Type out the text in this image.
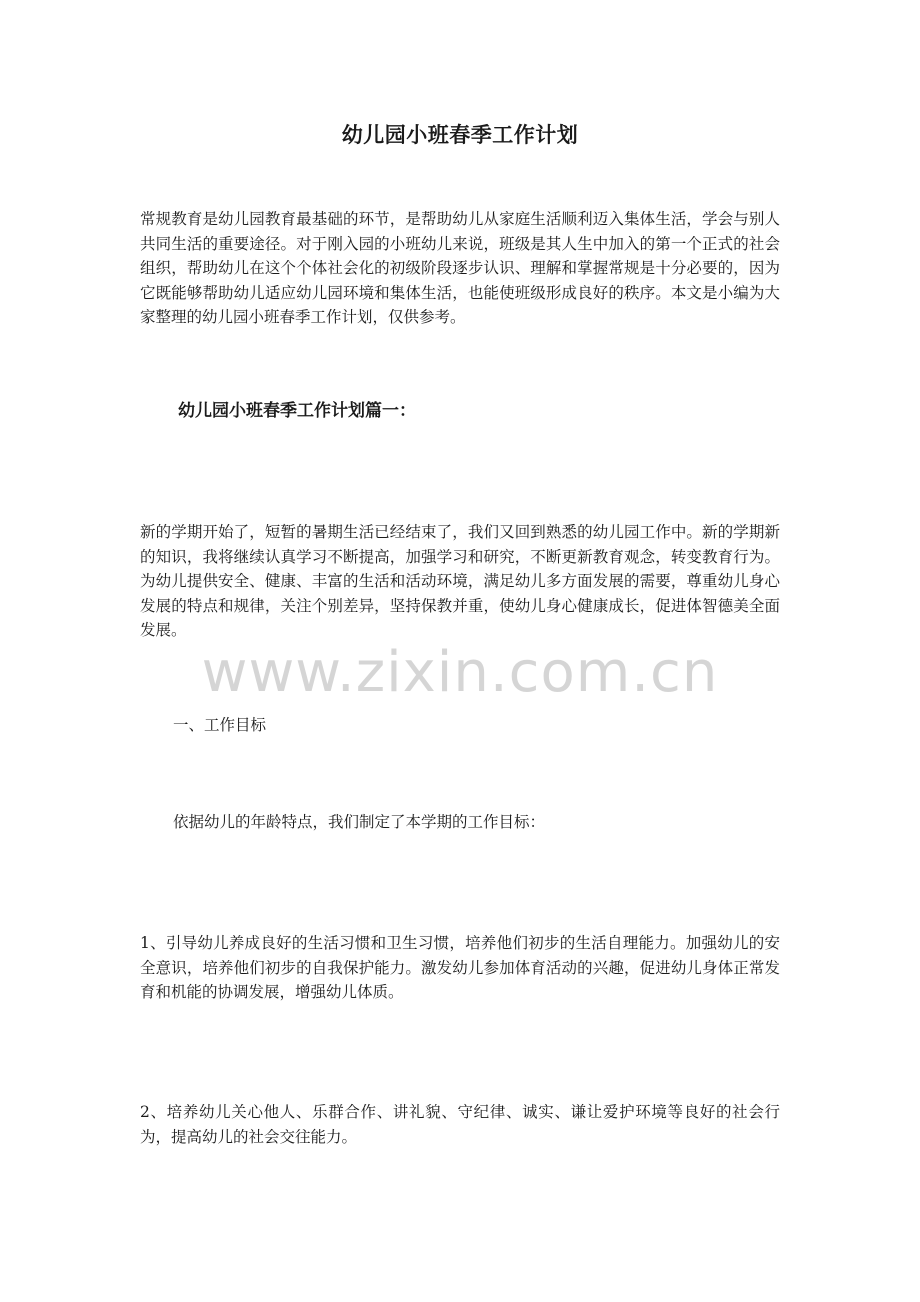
幼儿园小班春季工作计划

常规教育是幼儿园教育最基础的环节，是帮助幼儿从家庭生活顺利迈入集体生活，学会与别人共同生活的重要途径。对于刚入园的小班幼儿来说，班级是其人生中加入的第一个正式的社会组织，帮助幼儿在这个个体社会化的初级阶段逐步认识、理解和掌握常规是十分必要的，因为它既能够帮助幼儿适应幼儿园环境和集体生活，也能使班级形成良好的秩序。本文是小编为大家整理的幼儿园小班春季工作计划，仅供参考。

幼儿园小班春季工作计划篇一：

新的学期开始了，短暂的暑期生活已经结束了，我们又回到熟悉的幼儿园工作中。新的学期新的知识，我将继续认真学习不断提高，加强学习和研究，不断更新教育观念，转变教育行为。为幼儿提供安全、健康、丰富的生活和活动环境，满足幼儿多方面发展的需要，尊重幼儿身心发展的特点和规律，关注个别差异，坚持保教并重，使幼儿身心健康成长，促进体智德美全面发展。

一、工作目标
依据幼儿的年龄特点，我们制定了本学期的工作目标：

1、引导幼儿养成良好的生活习惯和卫生习惯，培养他们初步的生活自理能力。加强幼儿的安全意识，培养他们初步的自我保护能力。激发幼儿参加体育活动的兴趣，促进幼儿身体正常发育和机能的协调发展，增强幼儿体质。

2、培养幼儿关心他人、乐群合作、讲礼貌、守纪律、诚实、谦让爱护环境等良好的社会行为，提高幼儿的社会交往能力。

www.zixin.com.cn
